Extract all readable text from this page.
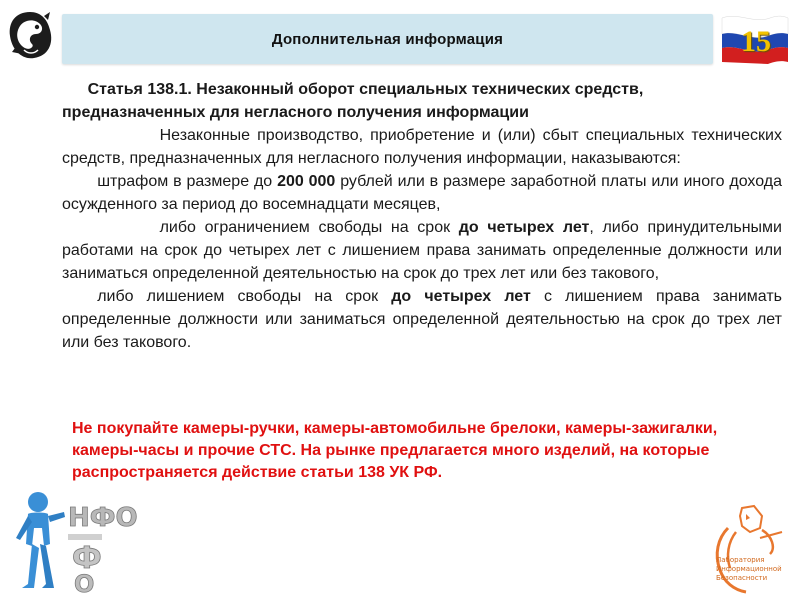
Дополнительная информация	15

Статья 138.1. Незаконный оборот специальных технических средств, предназначенных для негласного получения информации

Незаконные производство, приобретение и (или) сбыт специальных технических средств, предназначенных для негласного получения информации, наказываются:

штрафом в размере до 200 000 рублей или в размере заработной платы или иного дохода осужденного за период до восемнадцати месяцев,

либо ограничением свободы на срок до четырех лет, либо принудительными работами на срок до четырех лет с лишением права занимать определенные должности или заниматься определенной деятельностью на срок до трех лет или без такового,

либо лишением свободы на срок до четырех лет с лишением права занимать определенные должности или заниматься определенной деятельностью на срок до трех лет или без такового.

Не покупайте камеры-ручки, камеры-автомобильне брелоки, камеры-зажигалки, камеры-часы и прочие СТС. На рынке предлагается много изделий, на которые распространяется действие статьи 138 УК РФ.
НФО
Ф
О
Лаборатория Информационной Безопасности
